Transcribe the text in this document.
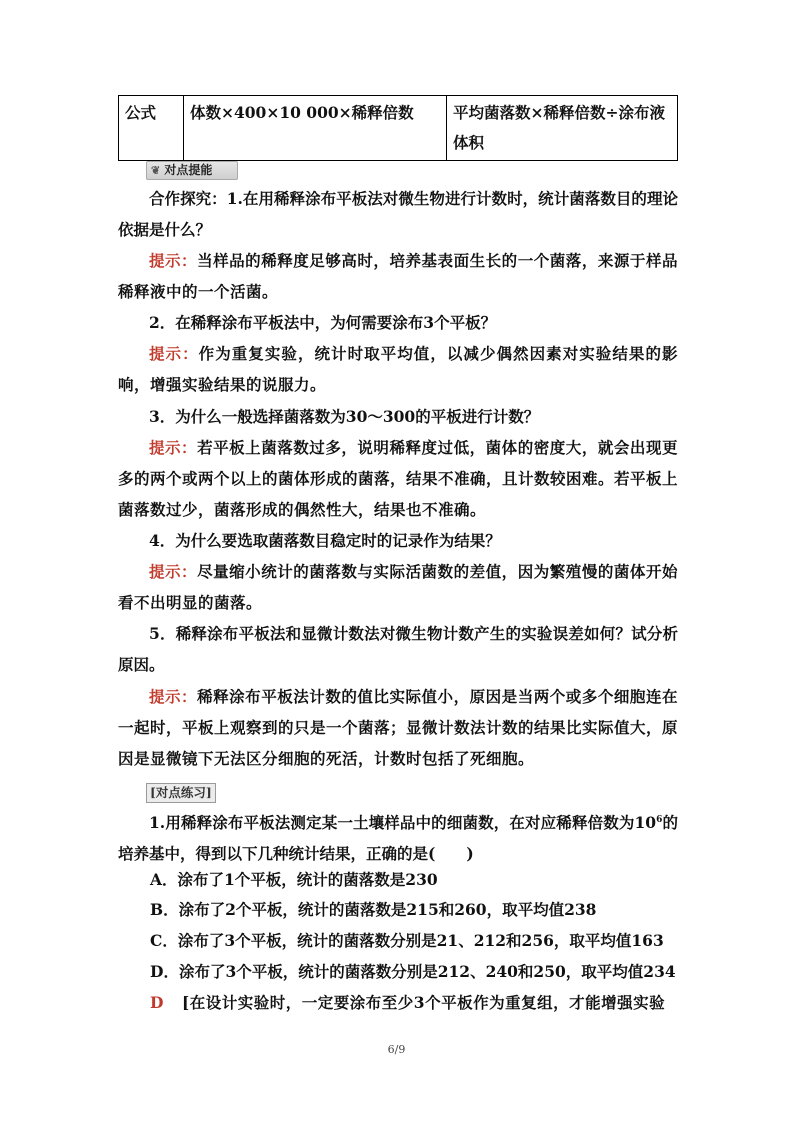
公式	体数×400×10 000×稀释倍数	平均菌落数×稀释倍数÷涂布液体积
❦ 对点提能
合作探究：1.在用稀释涂布平板法对微生物进行计数时，统计菌落数目的理论依据是什么？
提示：当样品的稀释度足够高时，培养基表面生长的一个菌落，来源于样品稀释液中的一个活菌。
2．在稀释涂布平板法中，为何需要涂布3个平板？
提示：作为重复实验，统计时取平均值，以减少偶然因素对实验结果的影响，增强实验结果的说服力。
3．为什么一般选择菌落数为30～300的平板进行计数？
提示：若平板上菌落数过多，说明稀释度过低，菌体的密度大，就会出现更多的两个或两个以上的菌体形成的菌落，结果不准确，且计数较困难。若平板上菌落数过少，菌落形成的偶然性大，结果也不准确。
4．为什么要选取菌落数目稳定时的记录作为结果？
提示：尽量缩小统计的菌落数与实际活菌数的差值，因为繁殖慢的菌体开始看不出明显的菌落。
5．稀释涂布平板法和显微计数法对微生物计数产生的实验误差如何？试分析原因。
提示：稀释涂布平板法计数的值比实际值小，原因是当两个或多个细胞连在一起时，平板上观察到的只是一个菌落；显微计数法计数的结果比实际值大，原因是显微镜下无法区分细胞的死活，计数时包括了死细胞。
[对点练习]
1.用稀释涂布平板法测定某一土壤样品中的细菌数，在对应稀释倍数为$10^6$的培养基中，得到以下几种统计结果，正确的是(　　)
A．涂布了1个平板，统计的菌落数是230
B．涂布了2个平板，统计的菌落数是215和260，取平均值238
C．涂布了3个平板，统计的菌落数分别是21、212和256，取平均值163
D．涂布了3个平板，统计的菌落数分别是212、240和250，取平均值234
D [在设计实验时，一定要涂布至少3个平板作为重复组，才能增强实验
6/9
